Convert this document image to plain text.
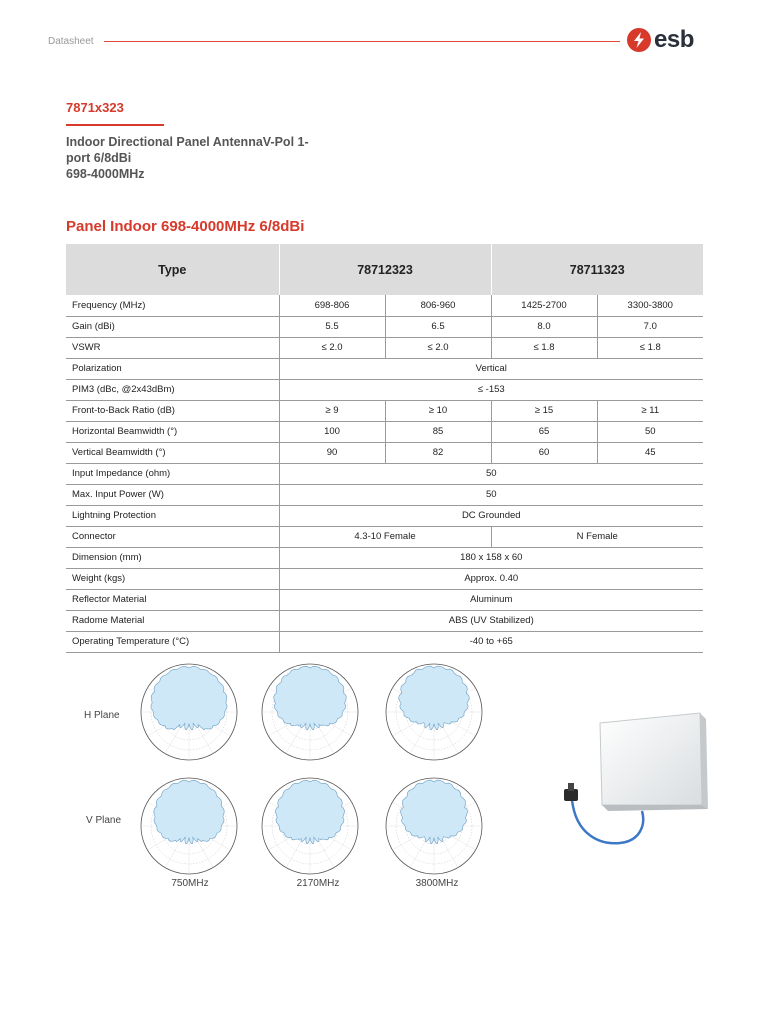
Datasheet	esb
7871x323
Indoor Directional Panel AntennaV-Pol 1-port 6/8dBi
698-4000MHz
Panel Indoor 698-4000MHz 6/8dBi
Type	78712323		78711323	
Frequency (MHz)	698-806	806-960	1425-2700	3300-3800
Gain (dBi)	5.5	6.5	8.0	7.0
VSWR	≤ 2.0	≤ 2.0	≤ 1.8	≤ 1.8
Polarization	Vertical			
PIM3 (dBc, @2x43dBm)	≤ -153			
Front-to-Back Ratio (dB)	≥ 9	≥ 10	≥ 15	≥ 11
Horizontal Beamwidth (°)	100	85	65	50
Vertical Beamwidth (°)	90	82	60	45
Input Impedance (ohm)	50			
Max. Input Power (W)	50			
Lightning Protection	DC Grounded			
Connector	4.3-10 Female		N Female	
Dimension (mm)	180 x 158 x 60			
Weight (kgs)	Approx. 0.40			
Reflector Material	Aluminum			
Radome Material	ABS (UV Stabilized)			
Operating Temperature (°C)	-40 to +65			
H Plane
V Plane
750MHz	2170MHz	3800MHz
